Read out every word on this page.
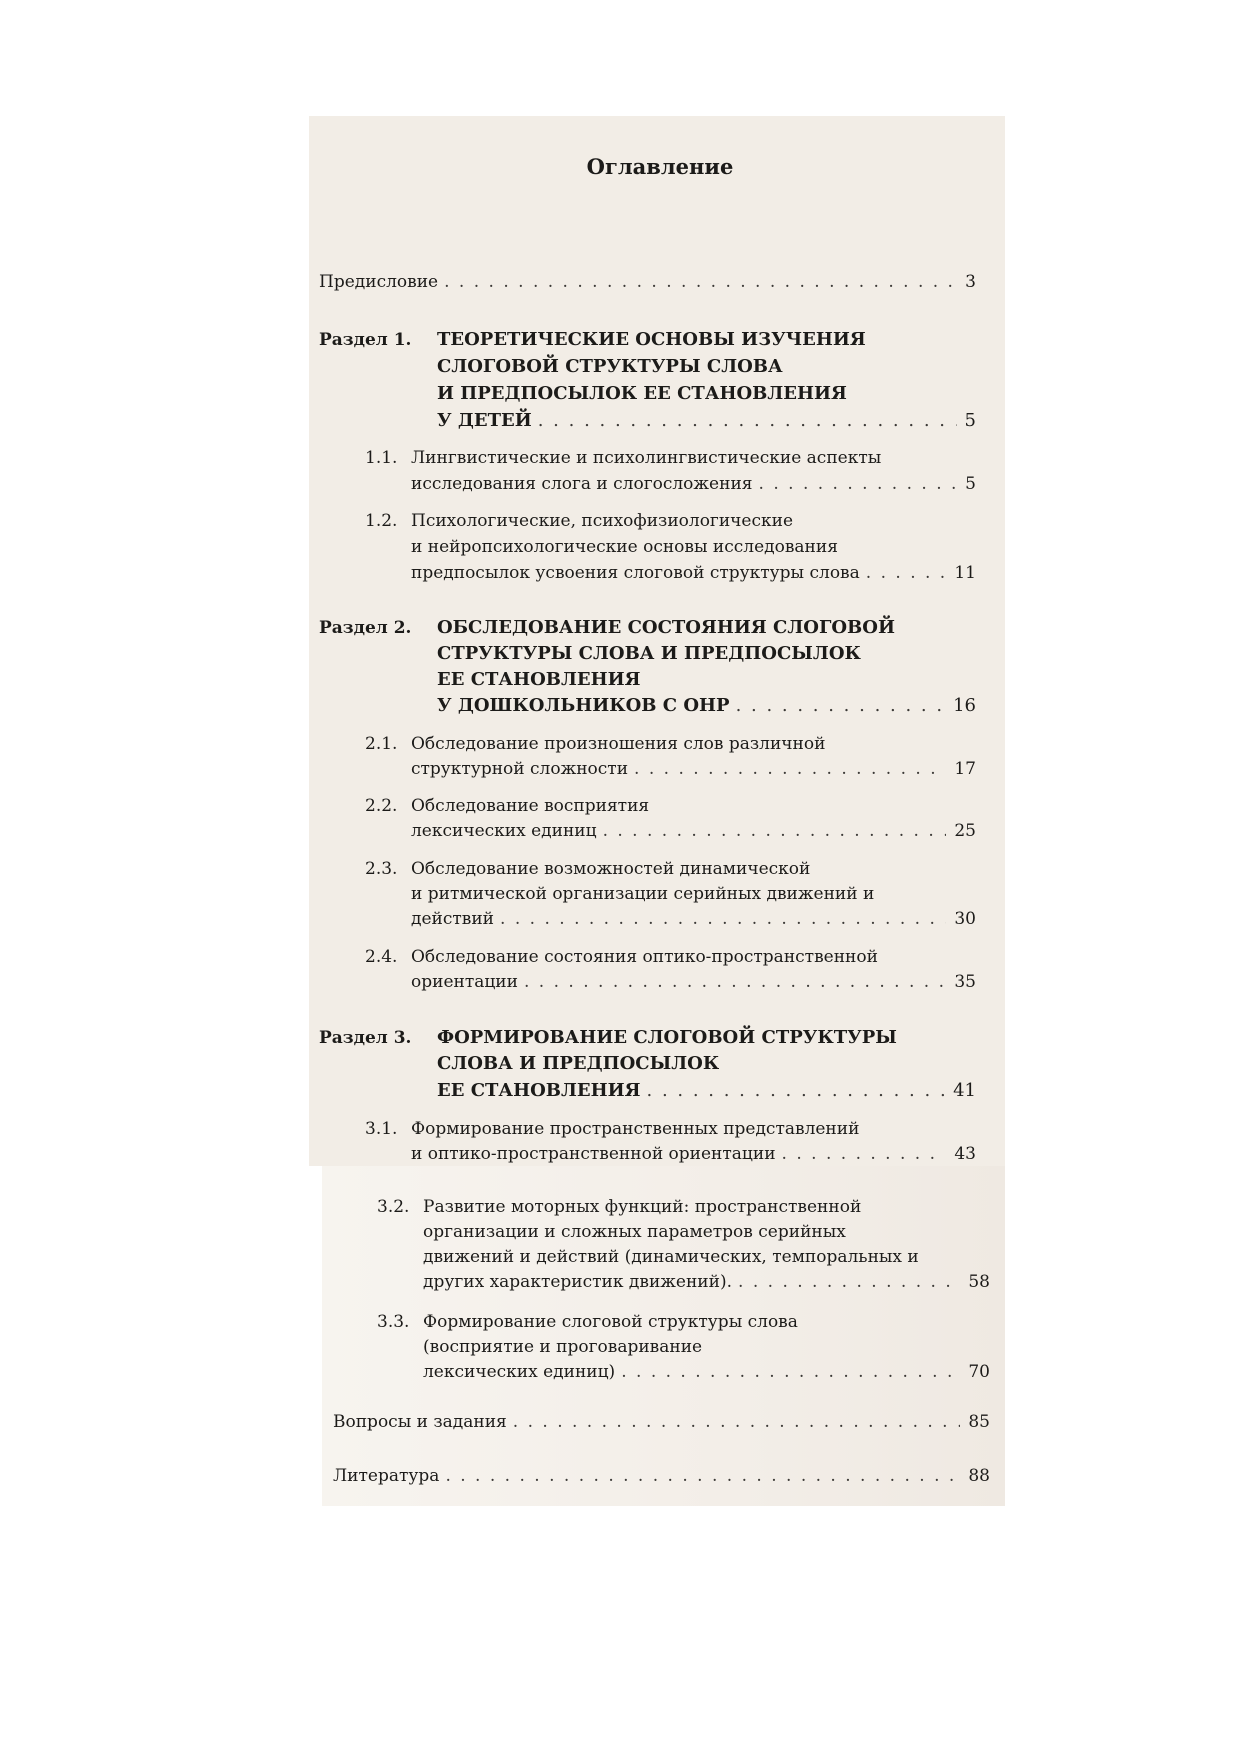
Оглавление
Предисловие . . .	3
Раздел 1. ТЕОРЕТИЧЕСКИЕ ОСНОВЫ ИЗУЧЕНИЯ
СЛОГОВОЙ СТРУКТУРЫ СЛОВА
И ПРЕДПОСЫЛОК ЕЕ СТАНОВЛЕНИЯ
У ДЕТЕЙ . . .	5
1.1. Лингвистические и психолингвистические аспекты
исследования слога и слогосложения . . .	5
1.2. Психологические, психофизиологические
и нейропсихологические основы исследования
предпосылок усвоения слоговой структуры слова . . .	11
Раздел 2. ОБСЛЕДОВАНИЕ СОСТОЯНИЯ СЛОГОВОЙ
СТРУКТУРЫ СЛОВА И ПРЕДПОСЫЛОК
ЕЕ СТАНОВЛЕНИЯ
У ДОШКОЛЬНИКОВ С ОНР . . .	16
2.1. Обследование произношения слов различной
структурной сложности . . .	17
2.2. Обследование восприятия
лексических единиц . . .	25
2.3. Обследование возможностей динамической
и ритмической организации серийных движений и
действий . . .	30
2.4. Обследование состояния оптико-пространственной
ориентации . . .	35
Раздел 3. ФОРМИРОВАНИЕ СЛОГОВОЙ СТРУКТУРЫ
СЛОВА И ПРЕДПОСЫЛОК
ЕЕ СТАНОВЛЕНИЯ . . .	41
3.1. Формирование пространственных представлений
и оптико-пространственной ориентации . . .	43
3.2. Развитие моторных функций: пространственной
организации и сложных параметров серийных
движений и действий (динамических, темпоральных и
других характеристик движений). . . .	58
3.3. Формирование слоговой структуры слова
(восприятие и проговаривание
лексических единиц) . . .	70
Вопросы и задания . . .	85
Литература . . .	88
